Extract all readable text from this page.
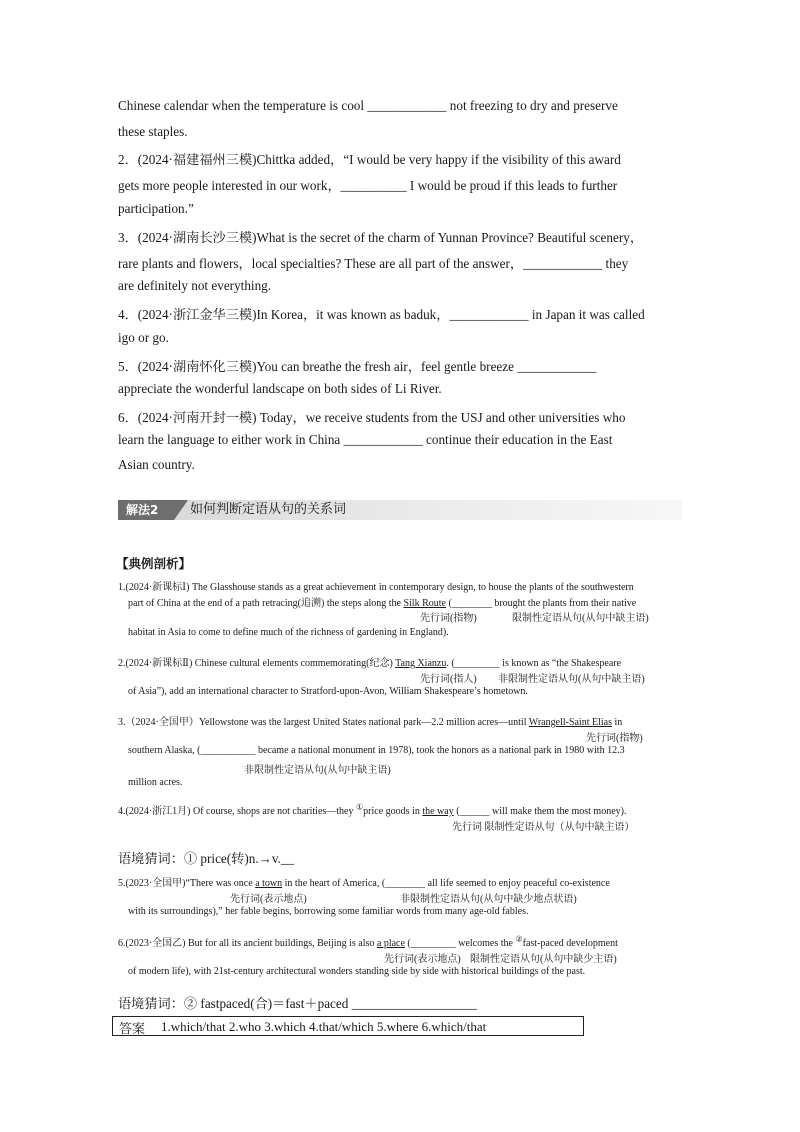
Chinese calendar when the temperature is cool ____________ not freezing to dry and preserve
these staples.
2．(2024·福建福州三模)Chittka added，“I would be very happy if the visibility of this award
gets more people interested in our work，__________ I would be proud if this leads to further
participation.”
3．(2024·湖南长沙三模)What is the secret of the charm of Yunnan Province? Beautiful scenery，
rare plants and flowers，local specialties? These are all part of the answer，____________ they
are definitely not everything.
4．(2024·浙江金华三模)In Korea，it was known as baduk，____________ in Japan it was called
igo or go.
5．(2024·湖南怀化三模)You can breathe the fresh air，feel gentle breeze ____________
appreciate the wonderful landscape on both sides of Li River.
6．(2024·河南开封一模) Today，we receive students from the USJ and other universities who
learn the language to either work in China ____________ continue their education in the East
Asian country.
解法2	如何判断定语从句的关系词
【典例剖析】
1.(2024·新课标Ⅰ) The Glasshouse stands as a great achievement in contemporary design, to house the plants of the southwestern
part of China at the end of a path retracing(追溯) the steps along the Silk Route (________ brought the plants from their native
先行词(指物)	限制性定语从句(从句中缺主语)
habitat in Asia to come to define much of the richness of gardening in England).
2.(2024·新课标Ⅱ) Chinese cultural elements commemorating(纪念) Tang Xianzu. (_________ is known as “the Shakespeare
先行词(指人) 非限制性定语从句(从句中缺主语)
of Asia”), add an international character to Stratford-upon-Avon, William Shakespeare’s hometown.
3.（2024·全国甲）Yellowstone was the largest United States national park—2.2 million acres—until Wrangell-Saint Elias in
先行词(指物)
southern Alaska, (___________ became a national monument in 1978), took the honors as a national park in 1980 with 12.3
非限制性定语从句(从句中缺主语)
million acres.
4.(2024·浙江1月) Of course, shops are not charities—they ①price goods in the way (______ will make them the most money).
先行词 限制性定语从句（从句中缺主语）
语境猜词：① price(转)n.→v.__
5.(2023·全国甲)“There was once a town in the heart of America, (________ all life seemed to enjoy peaceful co-existence
先行词(表示地点)	非限制性定语从句(从句中缺少地点状语)
with its surroundings),” her fable begins, borrowing some familiar words from many age-old fables.
6.(2023·全国乙) But for all its ancient buildings, Beijing is also a place (_________ welcomes the ②fast-paced development
先行词(表示地点) 限制性定语从句(从句中缺少主语)
of modern life), with 21st-century architectural wonders standing side by side with historical buildings of the past.
语境猜词：② fastpaced(合)＝fast＋paced ___________________
答案 1.which/that 2.who 3.which 4.that/which 5.where 6.which/that
